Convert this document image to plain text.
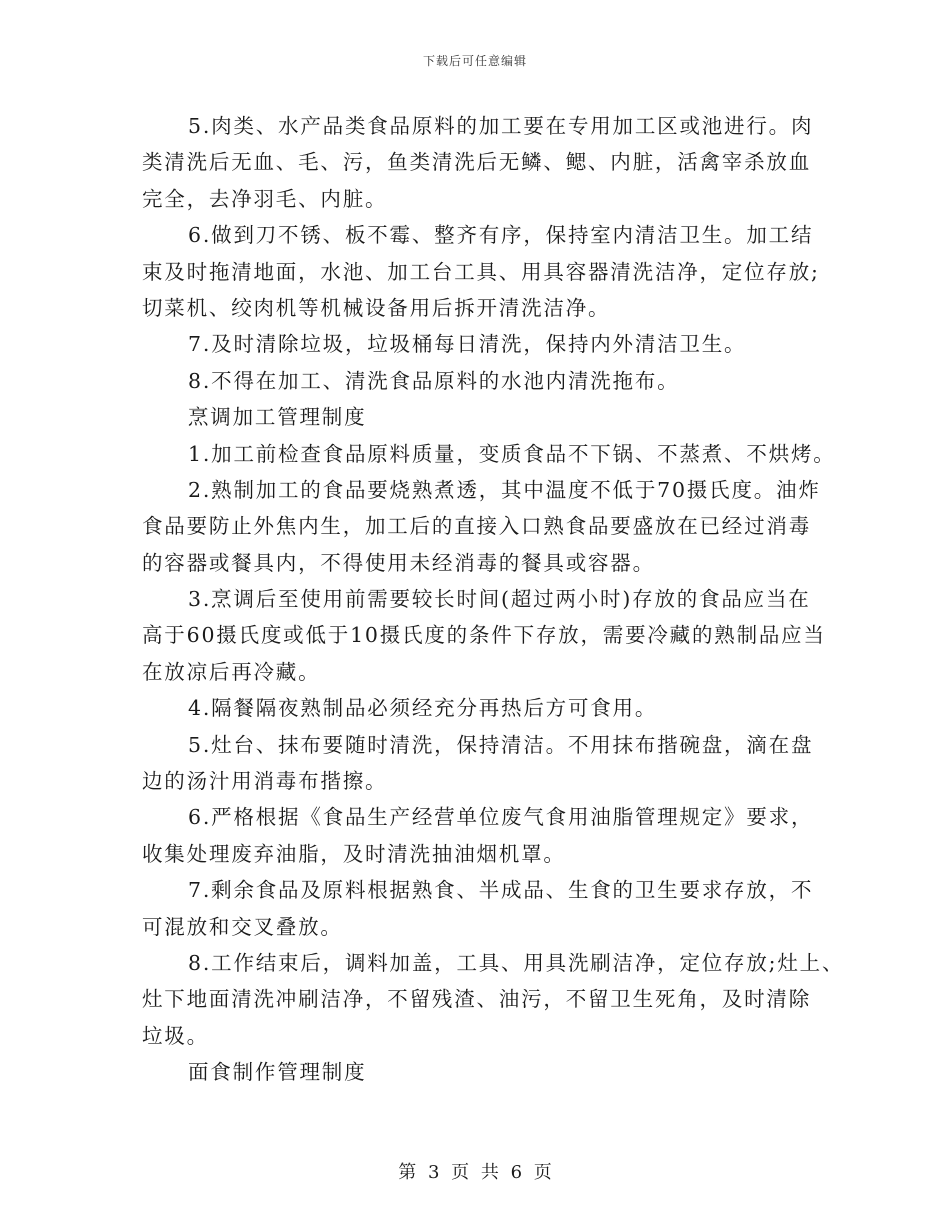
下载后可任意编辑
5.肉类、水产品类食品原料的加工要在专用加工区或池进行。肉
类清洗后无血、毛、污，鱼类清洗后无鳞、鳃、内脏，活禽宰杀放血
完全，去净羽毛、内脏。
6.做到刀不锈、板不霉、整齐有序，保持室内清洁卫生。加工结
束及时拖清地面，水池、加工台工具、用具容器清洗洁净，定位存放;
切菜机、绞肉机等机械设备用后拆开清洗洁净。
7.及时清除垃圾，垃圾桶每日清洗，保持内外清洁卫生。
8.不得在加工、清洗食品原料的水池内清洗拖布。
烹调加工管理制度
1.加工前检查食品原料质量，变质食品不下锅、不蒸煮、不烘烤。
2.熟制加工的食品要烧熟煮透，其中温度不低于70摄氏度。油炸
食品要防止外焦内生，加工后的直接入口熟食品要盛放在已经过消毒
的容器或餐具内，不得使用未经消毒的餐具或容器。
3.烹调后至使用前需要较长时间(超过两小时)存放的食品应当在
高于60摄氏度或低于10摄氏度的条件下存放，需要冷藏的熟制品应当
在放凉后再冷藏。
4.隔餐隔夜熟制品必须经充分再热后方可食用。
5.灶台、抹布要随时清洗，保持清洁。不用抹布揩碗盘，滴在盘
边的汤汁用消毒布揩擦。
6.严格根据《食品生产经营单位废气食用油脂管理规定》要求，
收集处理废弃油脂，及时清洗抽油烟机罩。
7.剩余食品及原料根据熟食、半成品、生食的卫生要求存放，不
可混放和交叉叠放。
8.工作结束后，调料加盖，工具、用具洗刷洁净，定位存放;灶上、
灶下地面清洗冲刷洁净，不留残渣、油污，不留卫生死角，及时清除
垃圾。
面食制作管理制度
第 3 页 共 6 页
